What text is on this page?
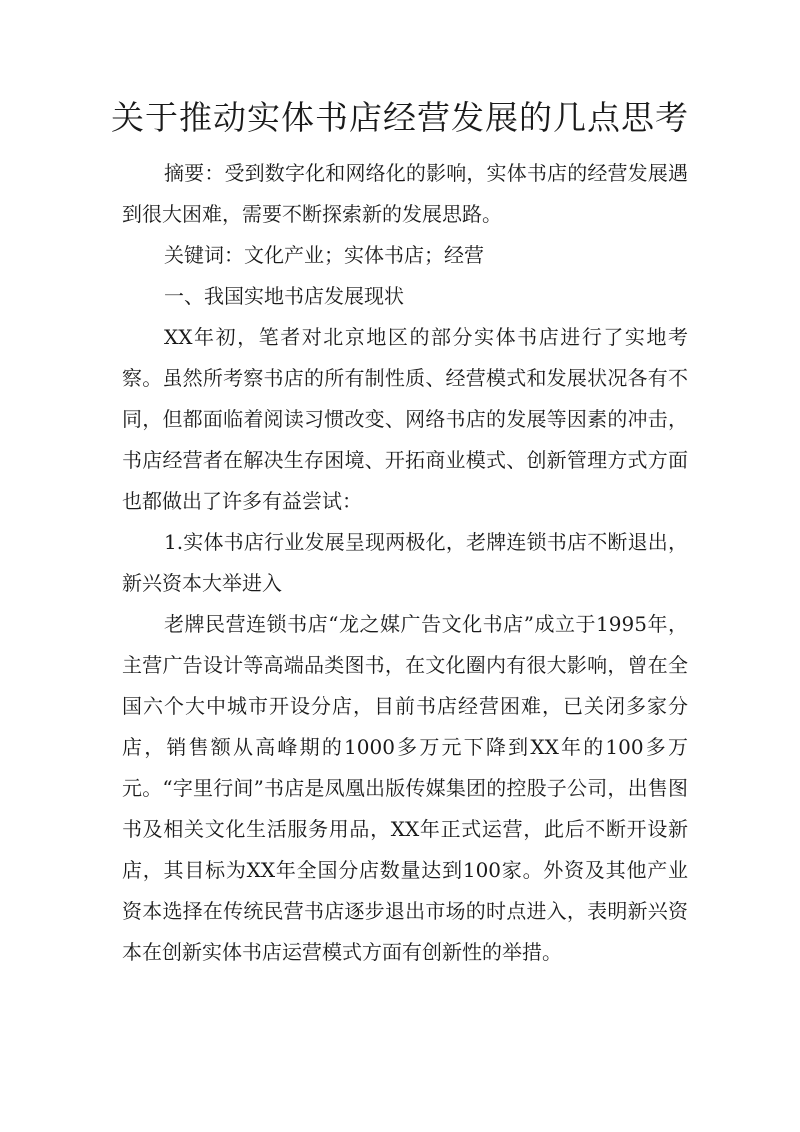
关于推动实体书店经营发展的几点思考

摘要：受到数字化和网络化的影响，实体书店的经营发展遇到很大困难，需要不断探索新的发展思路。

关键词：文化产业；实体书店；经营

一、我国实地书店发展现状

XX年初，笔者对北京地区的部分实体书店进行了实地考察。虽然所考察书店的所有制性质、经营模式和发展状况各有不同，但都面临着阅读习惯改变、网络书店的发展等因素的冲击，书店经营者在解决生存困境、开拓商业模式、创新管理方式方面也都做出了许多有益尝试：

1.实体书店行业发展呈现两极化，老牌连锁书店不断退出，新兴资本大举进入

老牌民营连锁书店“龙之媒广告文化书店”成立于1995年，主营广告设计等高端品类图书，在文化圈内有很大影响，曾在全国六个大中城市开设分店，目前书店经营困难，已关闭多家分店，销售额从高峰期的1000多万元下降到XX年的100多万元。“字里行间”书店是凤凰出版传媒集团的控股子公司，出售图书及相关文化生活服务用品，XX年正式运营，此后不断开设新店，其目标为XX年全国分店数量达到100家。外资及其他产业资本选择在传统民营书店逐步退出市场的时点进入，表明新兴资本在创新实体书店运营模式方面有创新性的举措。
